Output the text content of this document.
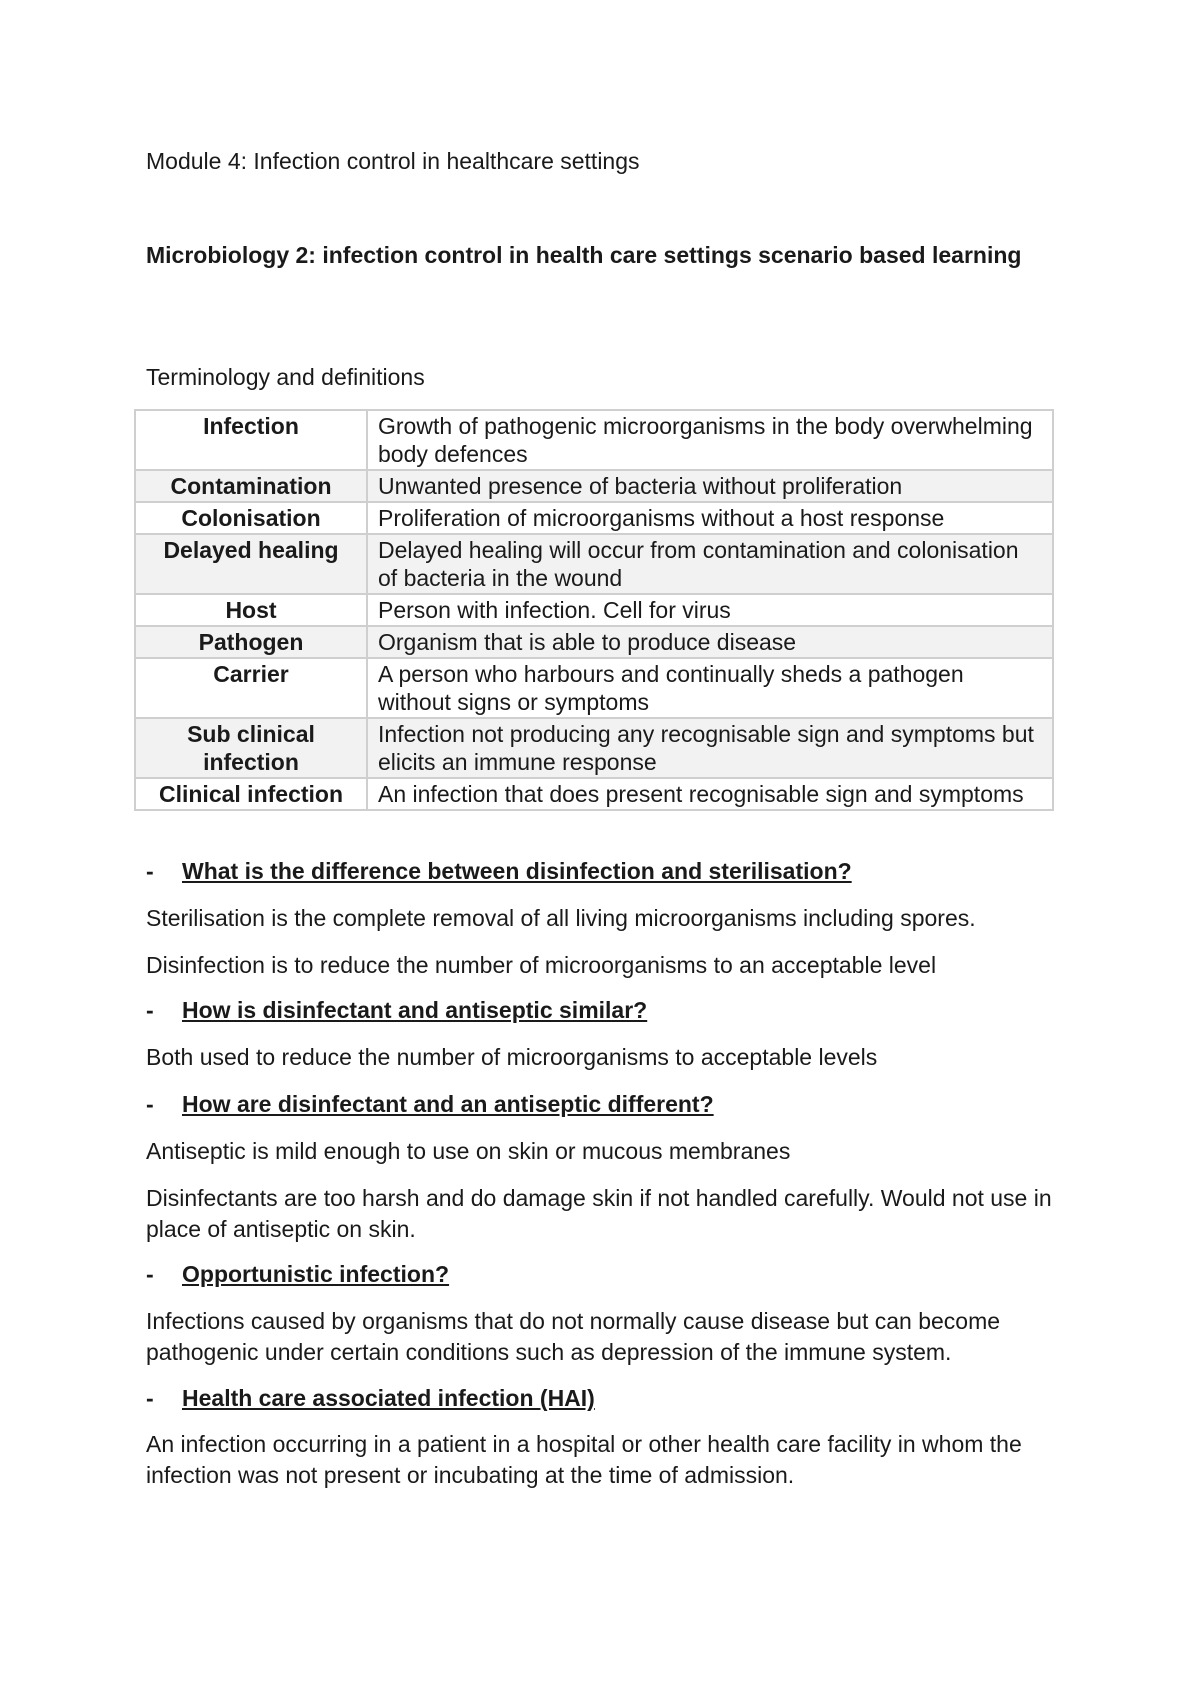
Module 4: Infection control in healthcare settings

Microbiology 2: infection control in health care settings scenario based learning

Terminology and definitions

Infection	Growth of pathogenic microorganisms in the body overwhelming body defences
Contamination	Unwanted presence of bacteria without proliferation
Colonisation	Proliferation of microorganisms without a host response
Delayed healing	Delayed healing will occur from contamination and colonisation of bacteria in the wound
Host	Person with infection. Cell for virus
Pathogen	Organism that is able to produce disease
Carrier	A person who harbours and continually sheds a pathogen without signs or symptoms
Sub clinical infection	Infection not producing any recognisable sign and symptoms but elicits an immune response
Clinical infection	An infection that does present recognisable sign and symptoms

- What is the difference between disinfection and sterilisation?

Sterilisation is the complete removal of all living microorganisms including spores.

Disinfection is to reduce the number of microorganisms to an acceptable level

- How is disinfectant and antiseptic similar?

Both used to reduce the number of microorganisms to acceptable levels

- How are disinfectant and an antiseptic different?

Antiseptic is mild enough to use on skin or mucous membranes

Disinfectants are too harsh and do damage skin if not handled carefully. Would not use in place of antiseptic on skin.

- Opportunistic infection?

Infections caused by organisms that do not normally cause disease but can become pathogenic under certain conditions such as depression of the immune system.

- Health care associated infection (HAI)

An infection occurring in a patient in a hospital or other health care facility in whom the infection was not present or incubating at the time of admission.
